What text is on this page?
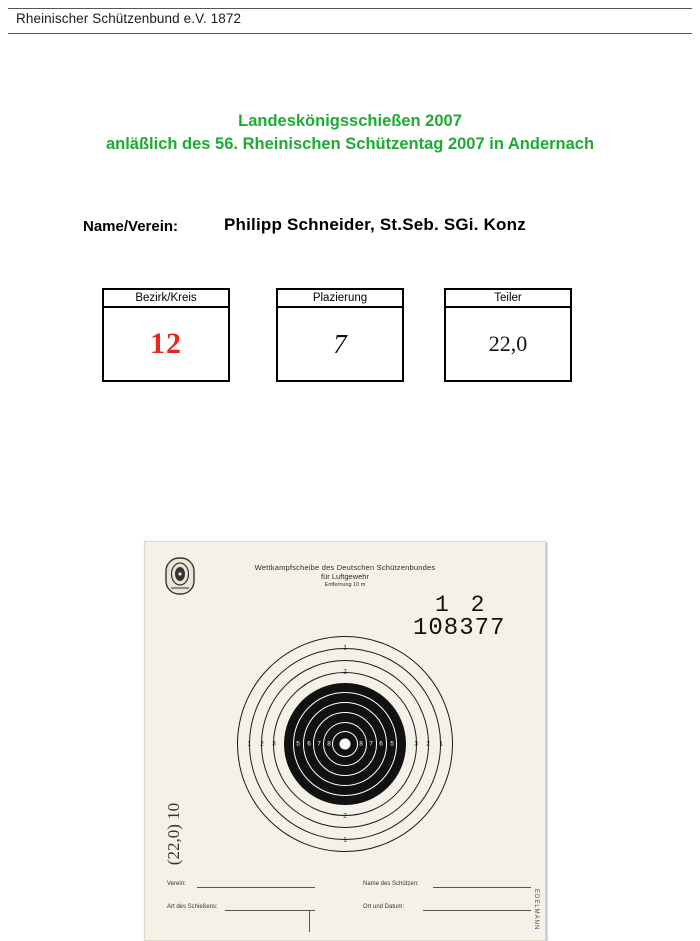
Rheinischer Schützenbund e.V. 1872
Landeskönigsschießen 2007
anläßlich des 56. Rheinischen Schützentag 2007 in Andernach
Name/Verein:	Philipp Schneider, St.Seb. SGi. Konz
Bezirk/Kreis
12
Plazierung
7
Teiler
22,0
Wettkampfscheibe des Deutschen Schützenbundes
für Luftgewehr
Entfernung 10 m
1 2
108377
(22,0) 10
1
2
3
1
2
3
1 2 3 4 5 6 7 8	8 7 6 5 4 3 2 1
Verein:	Name des Schützen:
Art des Schießens:	Ort und Datum:	EDELMANN
